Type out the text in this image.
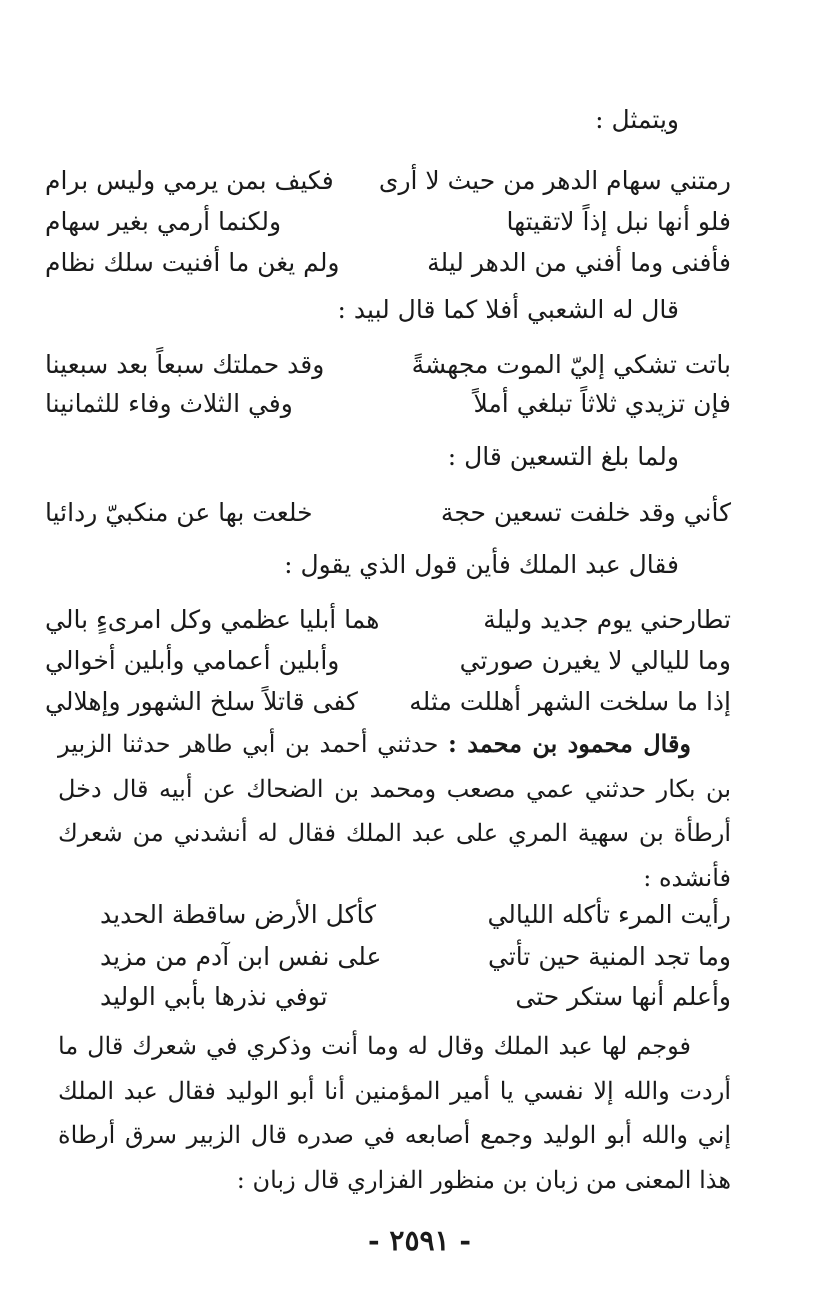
ويتمثل :
رمتني سهام الدهر من حيث لا أرى
فكيف بمن يرمي وليس برام
فلو أنها نبل إذاً لاتقيتها
ولكنما أرمي بغير سهام
فأفنى وما أفني من الدهر ليلة
ولم يغن ما أفنيت سلك نظام
قال له الشعبي أفلا كما قال لبيد :
باتت تشكي إليّ الموت مجهشةً
وقد حملتك سبعاً بعد سبعينا
فإن تزيدي ثلاثاً تبلغي أملاً
وفي الثلاث وفاء للثمانينا
ولما بلغ التسعين قال :
كأني وقد خلفت تسعين حجة
خلعت بها عن منكبيّ ردائيا
فقال عبد الملك فأين قول الذي يقول :
تطارحني يوم جديد وليلة
هما أبليا عظمي وكل امرىءٍ بالي
وما لليالي لا يغيرن صورتي
وأبلين أعمامي وأبلين أخوالي
إذا ما سلخت الشهر أهللت مثله
كفى قاتلاً سلخ الشهور وإهلالي
وقال محمود بن محمد : حدثني أحمد بن أبي طاهر حدثنا الزبير بن بكار حدثني عمي مصعب ومحمد بن الضحاك عن أبيه قال دخل أرطأة بن سهية المري على عبد الملك فقال له أنشدني من شعرك فأنشده :
رأيت المرء تأكله الليالي
كأكل الأرض ساقطة الحديد
وما تجد المنية حين تأتي
على نفس ابن آدم من مزيد
وأعلم أنها ستكر حتى
توفي نذرها بأبي الوليد
فوجم لها عبد الملك وقال له وما أنت وذكري في شعرك قال ما أردت والله إلا نفسي يا أمير المؤمنين أنا أبو الوليد فقال عبد الملك إني والله أبو الوليد وجمع أصابعه في صدره قال الزبير سرق أرطاة هذا المعنى من زبان بن منظور الفزاري قال زبان :
- ٢٥٩١ -
